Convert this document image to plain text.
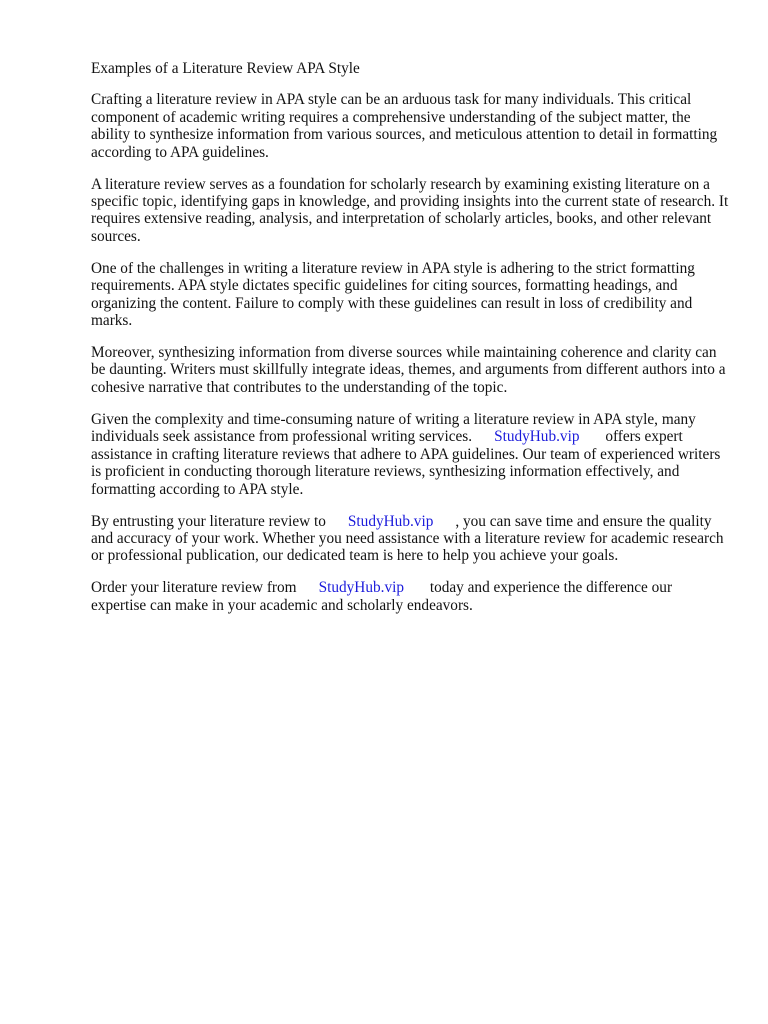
Examples of a Literature Review APA Style

Crafting a literature review in APA style can be an arduous task for many individuals. This critical component of academic writing requires a comprehensive understanding of the subject matter, the ability to synthesize information from various sources, and meticulous attention to detail in formatting according to APA guidelines.

A literature review serves as a foundation for scholarly research by examining existing literature on a specific topic, identifying gaps in knowledge, and providing insights into the current state of research. It requires extensive reading, analysis, and interpretation of scholarly articles, books, and other relevant sources.

One of the challenges in writing a literature review in APA style is adhering to the strict formatting requirements. APA style dictates specific guidelines for citing sources, formatting headings, and organizing the content. Failure to comply with these guidelines can result in loss of credibility and marks.

Moreover, synthesizing information from diverse sources while maintaining coherence and clarity can be daunting. Writers must skillfully integrate ideas, themes, and arguments from different authors into a cohesive narrative that contributes to the understanding of the topic.

Given the complexity and time-consuming nature of writing a literature review in APA style, many individuals seek assistance from professional writing services. StudyHub.vip offers expert assistance in crafting literature reviews that adhere to APA guidelines. Our team of experienced writers is proficient in conducting thorough literature reviews, synthesizing information effectively, and formatting according to APA style.

By entrusting your literature review to StudyHub.vip , you can save time and ensure the quality and accuracy of your work. Whether you need assistance with a literature review for academic research or professional publication, our dedicated team is here to help you achieve your goals.

Order your literature review from StudyHub.vip today and experience the difference our expertise can make in your academic and scholarly endeavors.
